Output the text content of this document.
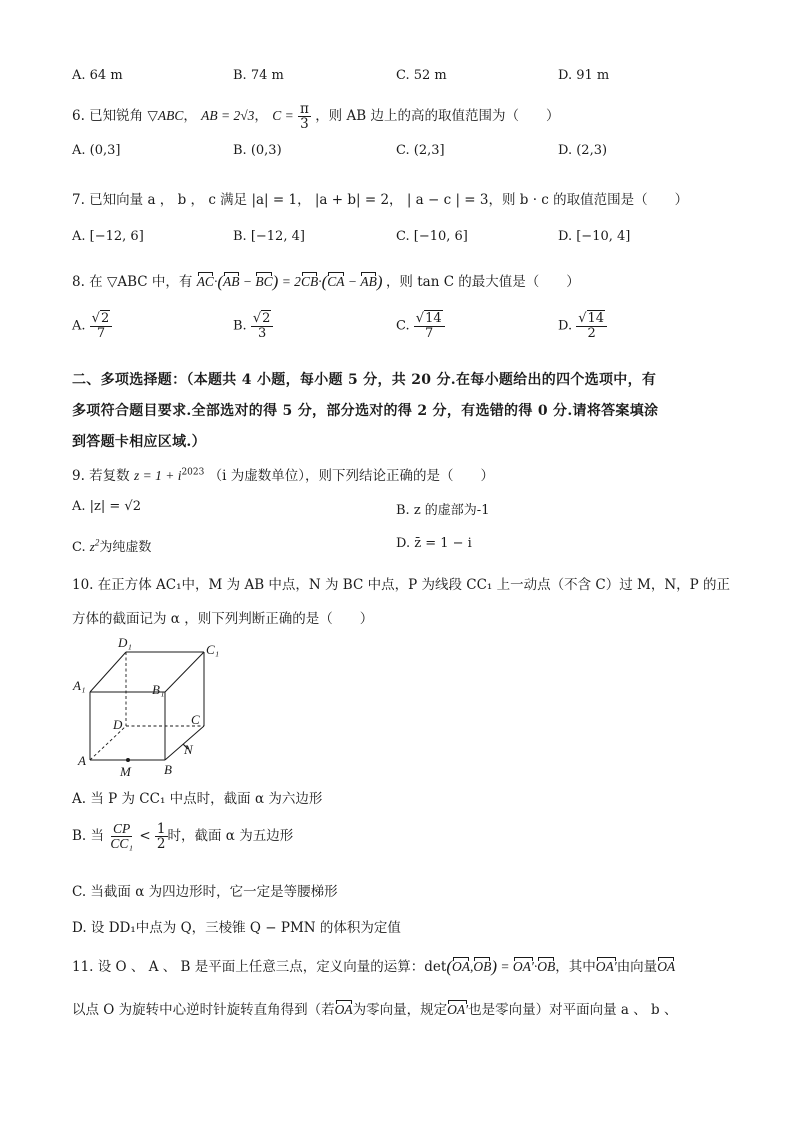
A. 64 m	B. 74 m	C. 52 m	D. 91 m
6. 已知锐角 ▽ABC， AB = 2√3， $C = \frac{\pi}{3}$ ，则 AB 边上的高的取值范围为（　　）
A. (0,3]	B. (0,3)	C. (2,3]	D. (2,3)
7. 已知向量 a ， b ， c 满足 |a| = 1， |a + b| = 2， | a − c | = 3，则 b · c 的取值范围是（　　）
A. [−12, 6]	B. [−12, 4]	C. [−10, 6]	D. [−10, 4]
8. 在 ▽ABC 中，有 AC·(AB − BC) = 2CB·(CA − AB) ，则 tan C 的最大值是（　　）
A. $\frac{√2}{7}$	B. $\frac{√2}{3}$	C. $\frac{√14}{7}$	D. $\frac{√14}{2}$
二、多项选择题：（本题共 4 小题，每小题 5 分，共 20 分.在每小题给出的四个选项中，有
多项符合题目要求.全部选对的得 5 分，部分选对的得 2 分，有选错的得 0 分.请将答案填涂
到答题卡相应区域.）
9. 若复数 $z = 1 + i^{2023}$ （i 为虚数单位），则下列结论正确的是（　　）
A. |z| = √2	B. z 的虚部为-1
C. $z^2$为纯虚数	D. z̄ = 1 − i
10. 在正方体 AC₁中，M 为 AB 中点，N 为 BC 中点，P 为线段 CC₁ 上一动点（不含 C）过 M，N，P 的正
方体的截面记为 α ，则下列判断正确的是（　　）
D₁	C₁
A₁	B₁
D	C
A
B
M
N
A. 当 P 为 CC₁ 中点时，截面 α 为六边形
B. 当 $\frac{CP}{\text{CC₁}} < \frac{1}{2}$ 时，截面 α 为五边形
C. 当截面 α 为四边形时，它一定是等腰梯形
D. 设 DD₁中点为 Q，三棱锥 Q − PMN 的体积为定值
11. 设 O 、 A 、 B 是平面上任意三点，定义向量的运算：det(OA,OB) = OA′·OB，其中OA′由向量OA
以点 O 为旋转中心逆时针旋转直角得到（若OA为零向量，规定OA′也是零向量）对平面向量 a 、 b 、
